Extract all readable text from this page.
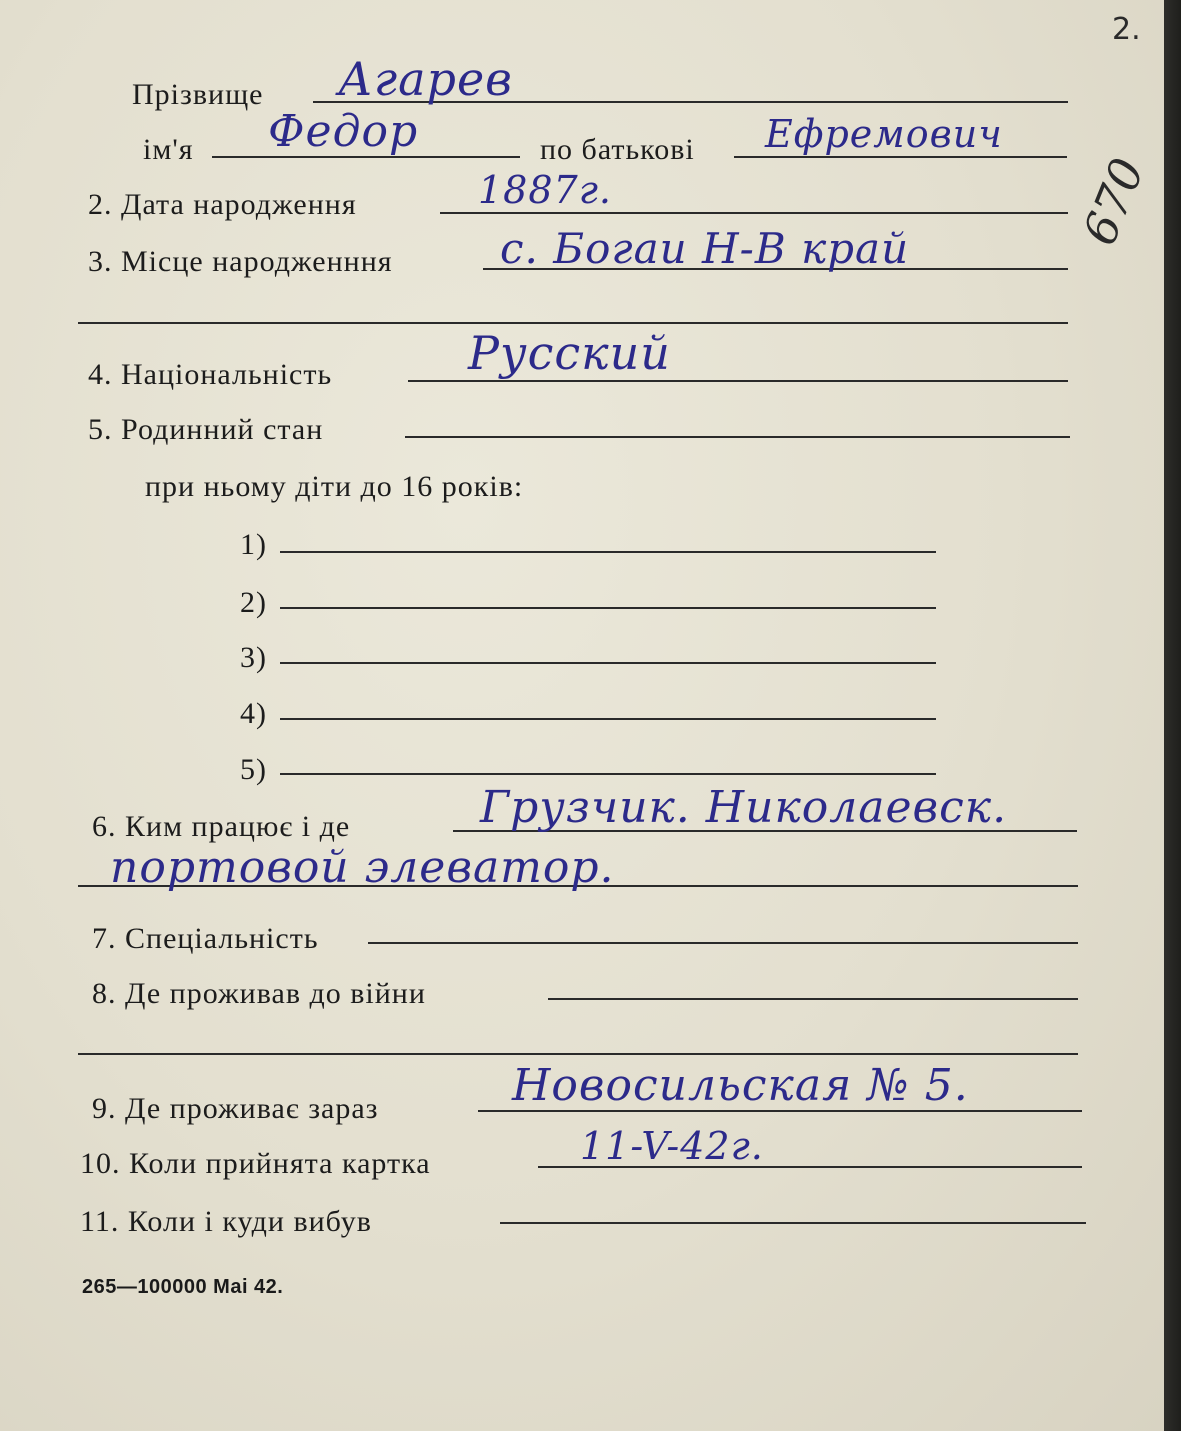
2.
670
Прізвище Агарев
ім'я Федор	по батькові Ефремович
2. Дата народження	1887г.
3. Місце народженння	с. Богаи Н-В край
4. Національність	Русский
5. Родинний стан
при ньому діти до 16 років:
1)
2)
3)
4)
5)
6. Ким працює і де	Грузчик. Николаевск.
портовой элеватор.
7. Спеціальність
8. Де проживав до війни
9. Де проживає зараз	Новосильская № 5.
10. Коли прийнята картка	11-V-42г.
11. Коли і куди вибув
265—100000 Mai 42.
